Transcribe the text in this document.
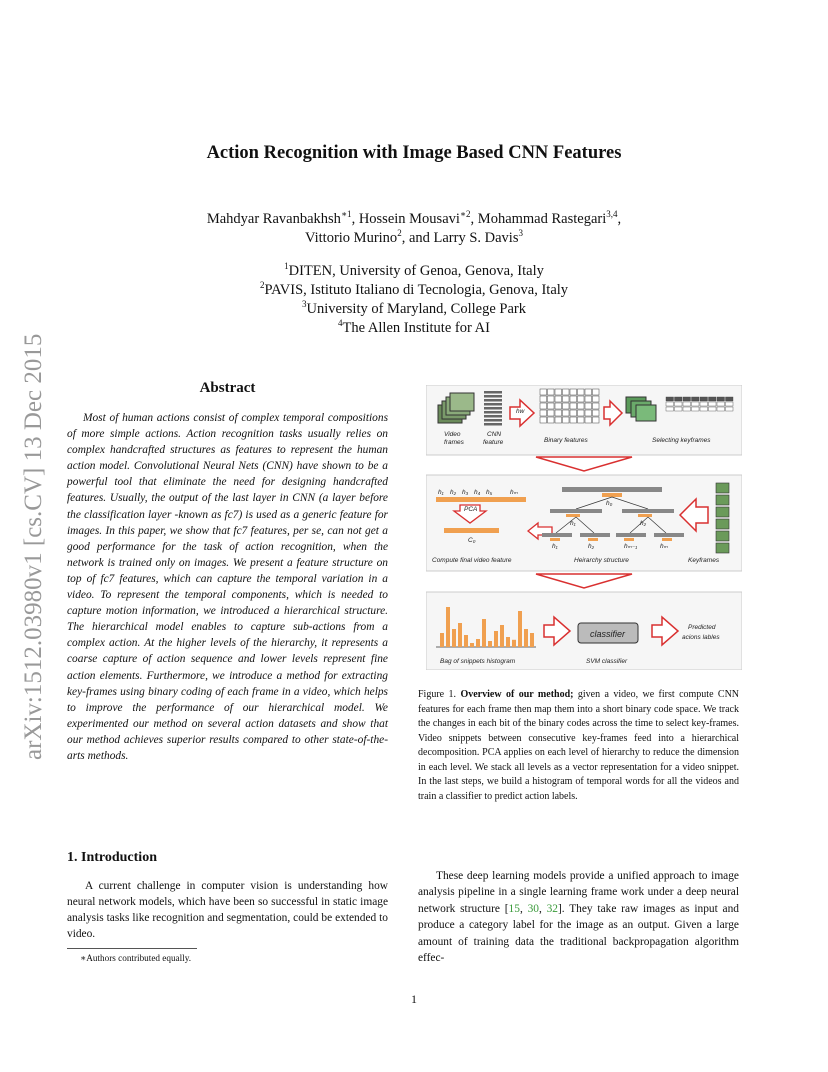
arXiv:1512.03980v1 [cs.CV] 13 Dec 2015
Action Recognition with Image Based CNN Features
Mahdyar Ravanbakhsh$^{∗1}$, Hossein Mousavi$^{∗2}$, Mohammad Rastegari$^{3,4}$,
Vittorio Murino$^2$, and Larry S. Davis$^3$
$^1$DITEN, University of Genoa, Genova, Italy
$^2$PAVIS, Istituto Italiano di Tecnologia, Genova, Italy
$^3$University of Maryland, College Park
$^4$The Allen Institute for AI
Abstract

Most of human actions consist of complex temporal compositions of more simple actions. Action recognition tasks usually relies on complex handcrafted structures as features to represent the human action model. Convolutional Neural Nets (CNN) have shown to be a powerful tool that eliminate the need for designing handcrafted features. Usually, the output of the last layer in CNN (a layer before the classification layer -known as fc7) is used as a generic feature for images. In this paper, we show that fc7 features, per se, can not get a good performance for the task of action recognition, when the network is trained only on images. We present a feature structure on top of fc7 features, which can capture the temporal variation in a video. To represent the temporal components, which is needed to capture motion information, we introduced a hierarchical structure. The hierarchical model enables to capture sub-actions from a complex action. At the higher levels of the hierarchy, it represents a coarse capture of action sequence and lower levels represent fine action elements. Furthermore, we introduce a method for extracting key-frames using binary coding of each frame in a video, which helps to improve the performance of our hierarchical model. We experimented our method on several action datasets and show that our method achieves superior results compared to other state-of-the-arts methods.

1. Introduction

A current challenge in computer vision is understanding how neural network models, which have been so successful in static image analysis tasks like recognition and segmentation, could be extended to video.

∗Authors contributed equally.
Video
frames
CNN
feature
hw
Binary features	Selecting keyframes
h₁ h₂ h₃ h₄ h₅	hₘ
PCA
C₀
Compute final video feature
h₀
h₁	h₂
h₁	h₂	hₘ₋₁	hₘ
Heirarchy structure	Keyframes
Bag of snippets histogram
classifier
SVM classifier
Predicted
acions lables
Figure 1. Overview of our method; given a video, we first compute CNN features for each frame then map them into a short binary code space. We track the changes in each bit of the binary codes across the time to select key-frames. Video snippets between consecutive key-frames feed into a hierarchical decomposition. PCA applies on each level of hierarchy to reduce the dimension in each level. We stack all levels as a vector representation for a video snippet. In the last steps, we build a histogram of temporal words for all the videos and train a classifier to predict action labels.

These deep learning models provide a unified approach to image analysis pipeline in a single learning frame work under a deep neural network structure [15, 30, 32]. They take raw images as input and produce a category label for the image as an output. Given a large amount of training data the traditional backpropagation algorithm effec-

1
